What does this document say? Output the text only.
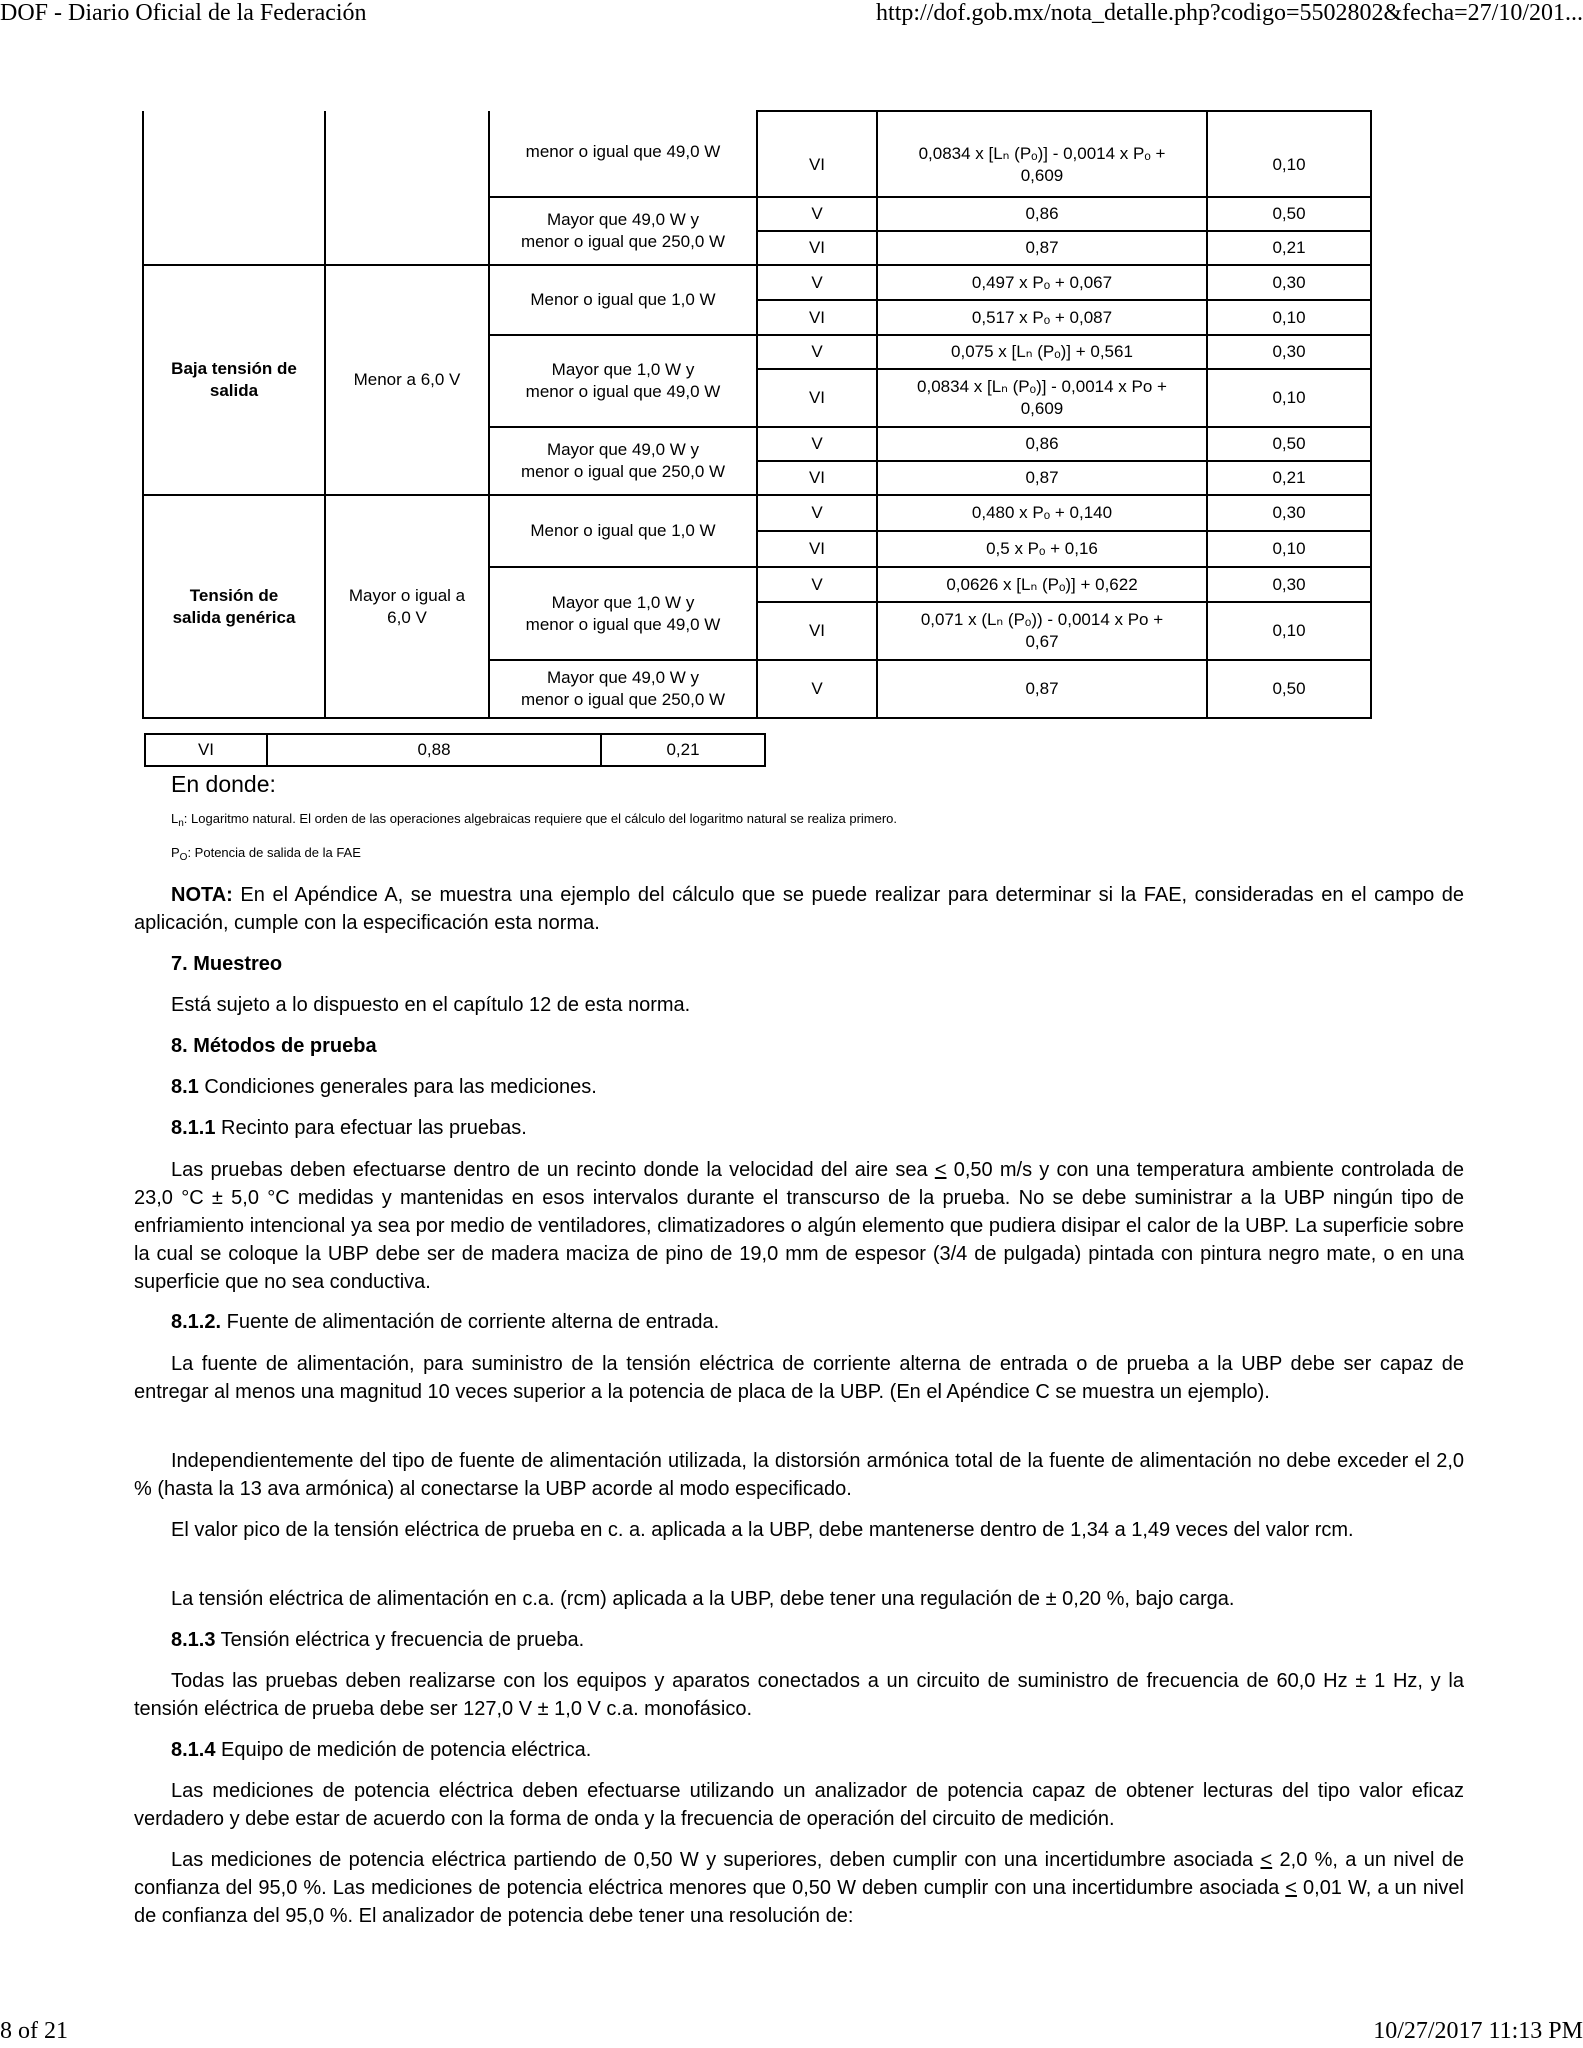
DOF - Diario Oficial de la Federación	http://dof.gob.mx/nota_detalle.php?codigo=5502802&fecha=27/10/201...
		menor o igual que 49,0 W	VI	0,0834 x [Lₙ (Pₒ)] - 0,0014 x Pₒ +
0,609	0,10
		Mayor que 49,0 W y
menor o igual que 250,0 W	V	0,86	0,50
			VI	0,87	0,21
Baja tensión de
salida	Menor a 6,0 V	Menor o igual que 1,0 W	V	0,497 x Pₒ + 0,067	0,30
			VI	0,517 x Pₒ + 0,087	0,10
		Mayor que 1,0 W y
menor o igual que 49,0 W	V	0,075 x [Lₙ (Pₒ)] + 0,561	0,30
			VI	0,0834 x [Lₙ (Pₒ)] - 0,0014 x Po +
0,609	0,10
		Mayor que 49,0 W y
menor o igual que 250,0 W	V	0,86	0,50
			VI	0,87	0,21

Tensión de
salida genérica	Mayor o igual a
6,0 V	Menor o igual que 1,0 W	V	0,480 x Pₒ + 0,140	0,30
			VI	0,5 x Pₒ + 0,16	0,10
		Mayor que 1,0 W y
menor o igual que 49,0 W	V	0,0626 x [Lₙ (Pₒ)] + 0,622	0,30
			VI	0,071 x (Lₙ (Pₒ)) - 0,0014 x Po +
0,67	0,10
		Mayor que 49,0 W y
menor o igual que 250,0 W	V	0,87	0,50
VI	0,88	0,21
En donde:

$L_n$: Logaritmo natural. El orden de las operaciones algebraicas requiere que el cálculo del logaritmo natural se realiza primero.

$P_O$: Potencia de salida de la FAE

NOTA: En el Apéndice A, se muestra una ejemplo del cálculo que se puede realizar para determinar si la FAE, consideradas en el campo de aplicación, cumple con la especificación esta norma.

7. Muestreo

Está sujeto a lo dispuesto en el capítulo 12 de esta norma.

8. Métodos de prueba

8.1 Condiciones generales para las mediciones.

8.1.1 Recinto para efectuar las pruebas.

Las pruebas deben efectuarse dentro de un recinto donde la velocidad del aire sea < 0,50 m/s y con una temperatura ambiente controlada de 23,0 °C ± 5,0 °C medidas y mantenidas en esos intervalos durante el transcurso de la prueba. No se debe suministrar a la UBP ningún tipo de enfriamiento intencional ya sea por medio de ventiladores, climatizadores o algún elemento que pudiera disipar el calor de la UBP. La superficie sobre la cual se coloque la UBP debe ser de madera maciza de pino de 19,0 mm de espesor (3/4 de pulgada) pintada con pintura negro mate, o en una superficie que no sea conductiva.

8.1.2. Fuente de alimentación de corriente alterna de entrada.

La fuente de alimentación, para suministro de la tensión eléctrica de corriente alterna de entrada o de prueba a la UBP debe ser capaz de entregar al menos una magnitud 10 veces superior a la potencia de placa de la UBP. (En el Apéndice C se muestra un ejemplo).

Independientemente del tipo de fuente de alimentación utilizada, la distorsión armónica total de la fuente de alimentación no debe exceder el 2,0 % (hasta la 13 ava armónica) al conectarse la UBP acorde al modo especificado.

El valor pico de la tensión eléctrica de prueba en c. a. aplicada a la UBP, debe mantenerse dentro de 1,34 a 1,49 veces del valor rcm.

La tensión eléctrica de alimentación en c.a. (rcm) aplicada a la UBP, debe tener una regulación de ± 0,20 %, bajo carga.

8.1.3 Tensión eléctrica y frecuencia de prueba.

Todas las pruebas deben realizarse con los equipos y aparatos conectados a un circuito de suministro de frecuencia de 60,0 Hz ± 1 Hz, y la tensión eléctrica de prueba debe ser 127,0 V ± 1,0 V c.a. monofásico.

8.1.4 Equipo de medición de potencia eléctrica.

Las mediciones de potencia eléctrica deben efectuarse utilizando un analizador de potencia capaz de obtener lecturas del tipo valor eficaz verdadero y debe estar de acuerdo con la forma de onda y la frecuencia de operación del circuito de medición.

Las mediciones de potencia eléctrica partiendo de 0,50 W y superiores, deben cumplir con una incertidumbre asociada < 2,0 %, a un nivel de confianza del 95,0 %. Las mediciones de potencia eléctrica menores que 0,50 W deben cumplir con una incertidumbre asociada < 0,01 W, a un nivel de confianza del 95,0 %. El analizador de potencia debe tener una resolución de:

8 of 21	10/27/2017 11:13 PM
